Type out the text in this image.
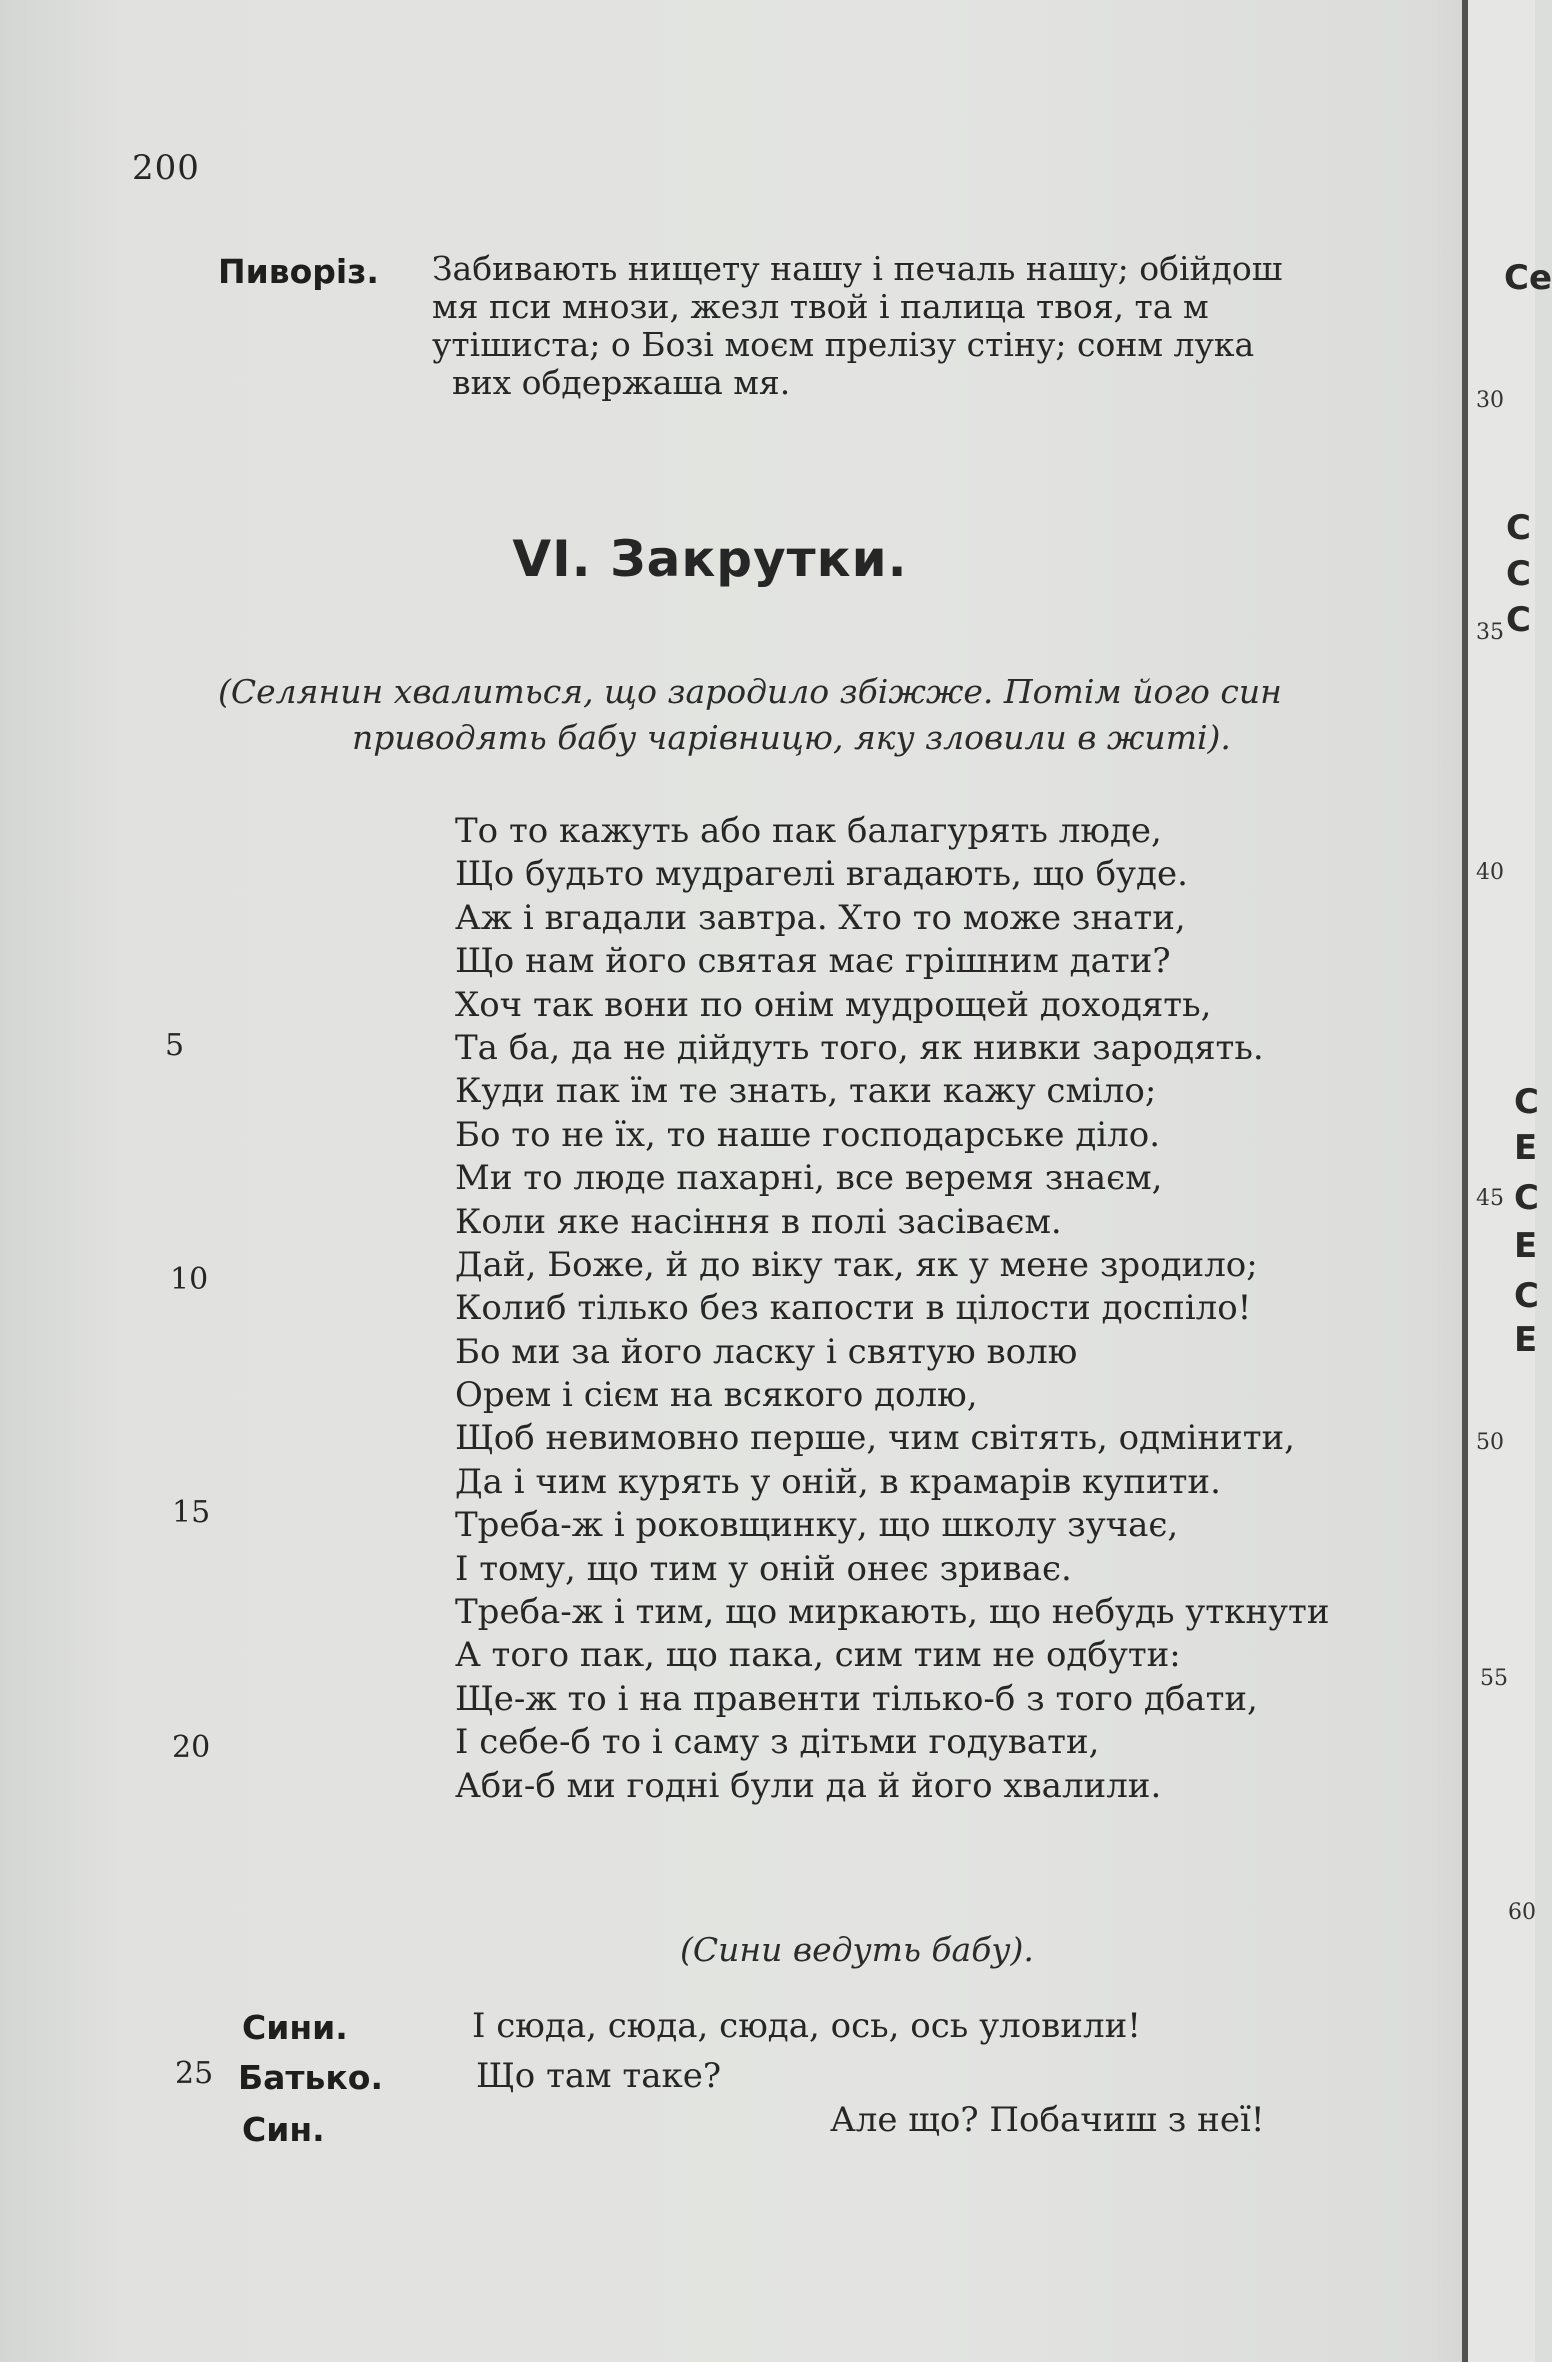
200
Пиворіз. Забивають нищету нашу і печаль нашу; обійдош
мя пси мнози, жезл твой і палица твоя, та м
утішиста; о Бозі моєм прелізу стіну; сонм лука
вих обдержаша мя.
VI. Закрутки.
(Селянин хвалиться, що зародило збіжже. Потім його син
приводять бабу чарівницю, яку зловили в житі).
То то кажуть або пак балагурять люде,
Що будьто мудрагелі вгадають, що буде.
Аж і вгадали завтра. Хто то може знати,
Що нам його святая має грішним дати?
Хоч так вони по онім мудрощей доходять,
Та ба, да не дійдуть того, як нивки зародять.
Куди пак їм те знать, таки кажу сміло;
Бо то не їх, то наше господарське діло.
Ми то люде пахарні, все веремя знаєм,
Коли яке насіння в полі засіваєм.
Дай, Боже, й до віку так, як у мене зродило;
Колиб тілько без капости в цілости доспіло!
Бо ми за його ласку і святую волю
Орем і сієм на всякого долю,
Щоб невимовно перше, чим світять, одмінити,
Да і чим курять у оній, в крамарів купити.
Треба-ж і роковщинку, що школу зучає,
І тому, що тим у оній онеє зриває.
Треба-ж і тим, що миркають, що небудь уткнути
А того пак, що пака, сим тим не одбути:
Ще-ж то і на правенти тілько-б з того дбати,
І себе-б то і саму з дітьми годувати,
Аби-б ми годні були да й його хвалили.
5
10
15
20
25
(Сини ведуть бабу).
Сини.	І сюда, сюда, сюда, ось, ось уловили!
Батько.	Що там таке?
Син.	Але що? Побачиш з неї!
Се
С
С
С
С
Е
С
Е
С
Е
30
35
40
45
50
55
60
